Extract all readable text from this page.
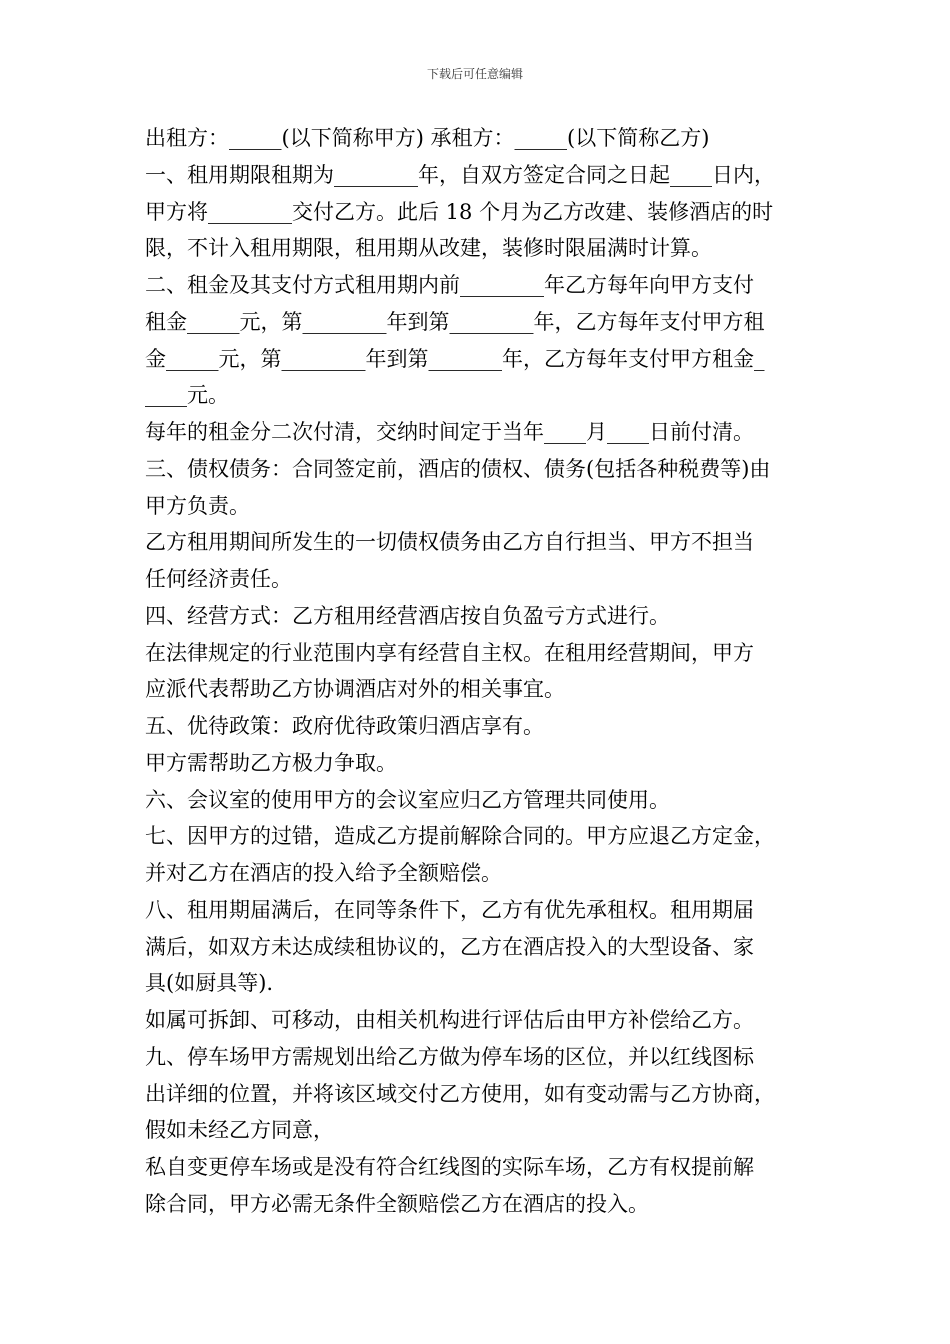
下载后可任意编辑
出租方：_____(以下简称甲方) 承租方：_____(以下简称乙方)
一、租用期限租期为________年，自双方签定合同之日起____日内，
甲方将________交付乙方。此后 18 个月为乙方改建、装修酒店的时
限，不计入租用期限，租用期从改建，装修时限届满时计算。
二、租金及其支付方式租用期内前________年乙方每年向甲方支付
租金_____元，第________年到第________年，乙方每年支付甲方租
金_____元，第________年到第_______年，乙方每年支付甲方租金_
____元。
每年的租金分二次付清，交纳时间定于当年____月____日前付清。
三、债权债务：合同签定前，酒店的债权、债务(包括各种税费等)由
甲方负责。
乙方租用期间所发生的一切债权债务由乙方自行担当、甲方不担当
任何经济责任。
四、经营方式：乙方租用经营酒店按自负盈亏方式进行。
在法律规定的行业范围内享有经营自主权。在租用经营期间，甲方
应派代表帮助乙方协调酒店对外的相关事宜。
五、优待政策：政府优待政策归酒店享有。
甲方需帮助乙方极力争取。
六、会议室的使用甲方的会议室应归乙方管理共同使用。
七、因甲方的过错，造成乙方提前解除合同的。甲方应退乙方定金，
并对乙方在酒店的投入给予全额赔偿。
八、租用期届满后，在同等条件下，乙方有优先承租权。租用期届
满后，如双方未达成续租协议的，乙方在酒店投入的大型设备、家
具(如厨具等).
如属可拆卸、可移动，由相关机构进行评估后由甲方补偿给乙方。
九、停车场甲方需规划出给乙方做为停车场的区位，并以红线图标
出详细的位置，并将该区域交付乙方使用，如有变动需与乙方协商，
假如未经乙方同意，
私自变更停车场或是没有符合红线图的实际车场，乙方有权提前解
除合同，甲方必需无条件全额赔偿乙方在酒店的投入。
